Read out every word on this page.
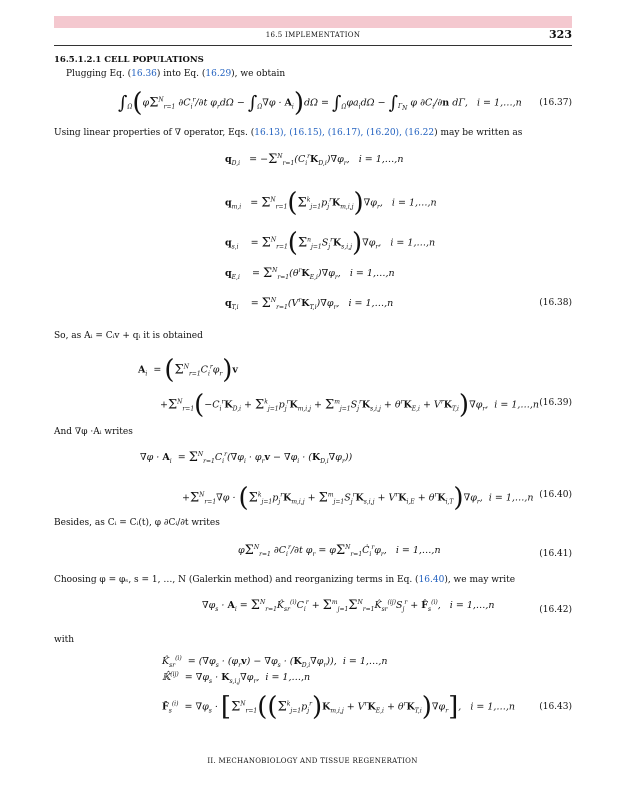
16.5 IMPLEMENTATION	323
16.5.1.2.1 CELL POPULATIONS
Plugging Eq. (16.36) into Eq. (16.29), we obtain
$\int_\Omega(\varphi\Sigma^N_{r=1}$ $\partial C_i^r/\partial t$ $\varphi_rd\Omega - \int_\Omega\nabla\varphi \cdot A_i)d\Omega = \int_\Omega\varphi a_id\Omega - \int_{\Gamma_N}$ φ $\partial C_i/\partial n$ dΓ,   i = 1,…,n (16.37)
Using linear properties of ∇ operator, Eqs. (16.13), (16.15), (16.17), (16.20), (16.22) may be written as
$q_{D,i} = -\Sigma^N_{r=1}(C_i^rK_{D,i})\nabla\varphi_r$,   i = 1,…,n
$q_{m,i} = \Sigma^N_{r=1}(\Sigma^k_{j=1}p_j^rK_{m,i,j})\nabla\varphi_r$,   i = 1,…,n
$q_{s,i}$    = $\Sigma^N_{r=1}(\Sigma^n_{j=1}S_j^rK_{s,i,j})\nabla\varphi_r$,   i = 1,…,n
$q_{E,i}$    = $\Sigma^N_{r=1}(\theta^rK_{E,i})\nabla\varphi_r$,   i = 1,…,n
$q_{T,i}$    = $\Sigma^N_{r=1}(V^rK_{T,i})\nabla\varphi_r$,   i = 1,…,n	(16.38)
So, as Aᵢ = Cᵢv + qᵢ it is obtained
$A_i = (\Sigma^N_{r=1}C_i^r\varphi_r)v$
$+\Sigma^N_{r=1}(-C_i^rK_{D,i} + \Sigma^k_{j=1}p_j^rK_{m,i,j} + \Sigma^m_{j=1}S_j^rK_{s,i,j} + \theta^rK_{E,i} + V^rK_{T,i})\nabla\varphi_r$,  i = 1,…,n (16.39)
And ∇φ ·Aᵢ writes
$\nabla\varphi \cdot A_i = \Sigma^N_{r=1}C_i^r(\nabla\varphi_i \cdot \varphi_rv - \nabla\varphi_i \cdot (K_{D,i}\nabla\varphi_r))$
$+\Sigma^N_{r=1}\nabla\varphi \cdot (\Sigma^k_{j=1}p_j^rK_{m,i,j} + \Sigma^m_{j=1}S_j^rK_{s,i,j} + V^rK_{i,E} + \theta^rK_{i,T})\nabla\varphi_r$,  i = 1,…,n (16.40)
Besides, as Cᵢ = Cᵢ(t), φ ∂Cᵢ/∂t writes
$\varphi\Sigma^N_{r=1}$ $\partial C_i^r/\partial t$ $\varphi_r$ = $\varphi\Sigma^N_{r=1}Ċ_i^r\varphi_r$,   i = 1,…,n	(16.41)
Choosing φ = φₛ, s = 1, …, N (Galerkin method) and reorganizing terms in Eq. (16.40), we may write
$\nabla\varphi_s \cdot A_i$ = $\Sigma^N_{r=1}K̂_{sr}^{(i)}C_i^r$ + $\Sigma^m_{j=1}\Sigma^N_{r=1}K̂_{sr}^{(ij)}S_j^r$ + $F̂_s^{(i)}$,   i = 1,…,n	(16.42)
with
$K̂_{sr}^{(i)} = (\nabla\varphi_s \cdot (\varphi_rv) - \nabla\varphi_s \cdot (K_{D,i}\nabla\varphi_r))$,  i = 1,…,n
𝕂̂$^{(ij)}$  = $\nabla\varphi_s \cdot K_{s,i,j}\nabla\varphi_r$,  i = 1,…,n
$F̂_s^{(i)} = \nabla\varphi_s \cdot [\Sigma^N_{r=1}((\Sigma^k_{j=1}p_j^r)K_{m,i,j} + V^rK_{E,i} + \theta^rK_{T,i})\nabla\varphi_r]$,   i = 1,…,n	(16.43)
II. MECHANOBIOLOGY AND TISSUE REGENERATION
